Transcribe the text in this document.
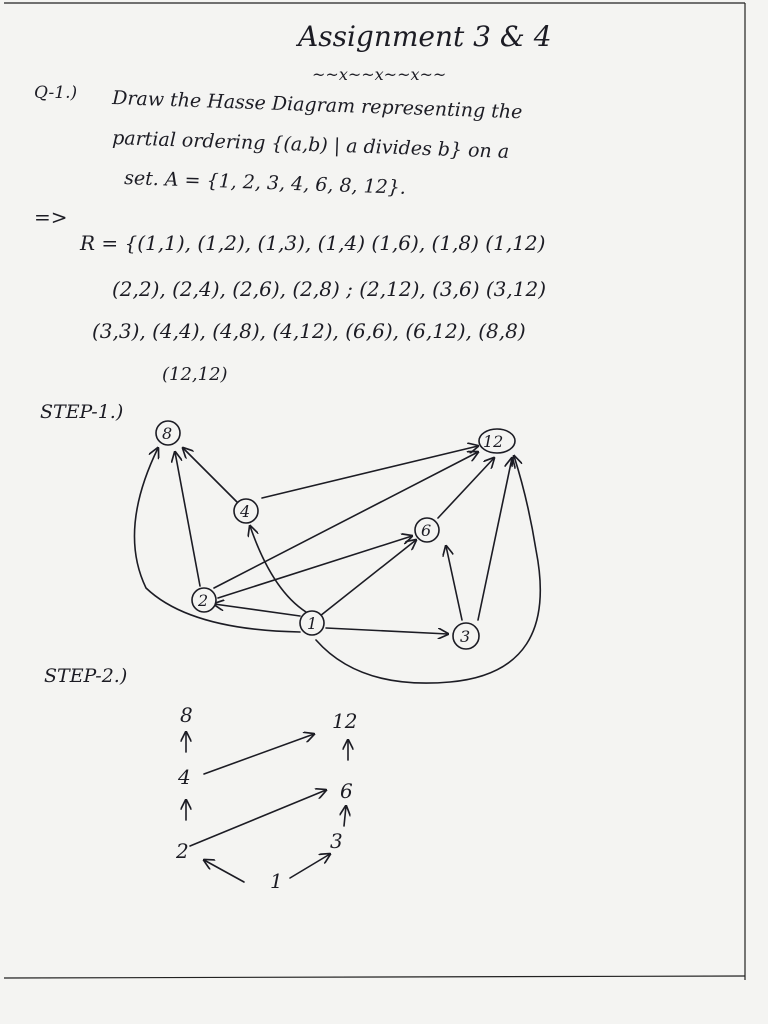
Assignment 3 & 4
~~x~~x~~x~~
Q-1.) Draw the Hasse Diagram representing the
partial ordering {(a,b) | a divides b} on a
set. A = {1, 2, 3, 4, 6, 8, 12}.
=>
R = {(1,1), (1,2), (1,3), (1,4) (1,6), (1,8) (1,12)
(2,2), (2,4), (2,6), (2,8) ; (2,12), (3,6) (3,12)
(3,3), (4,4), (4,8), (4,12), (6,6), (6,12), (8,8)
(12,12)
STEP-1.)
8	12
4
6
2
1
3
STEP-2.)
8	12
4
6
2	3
1
